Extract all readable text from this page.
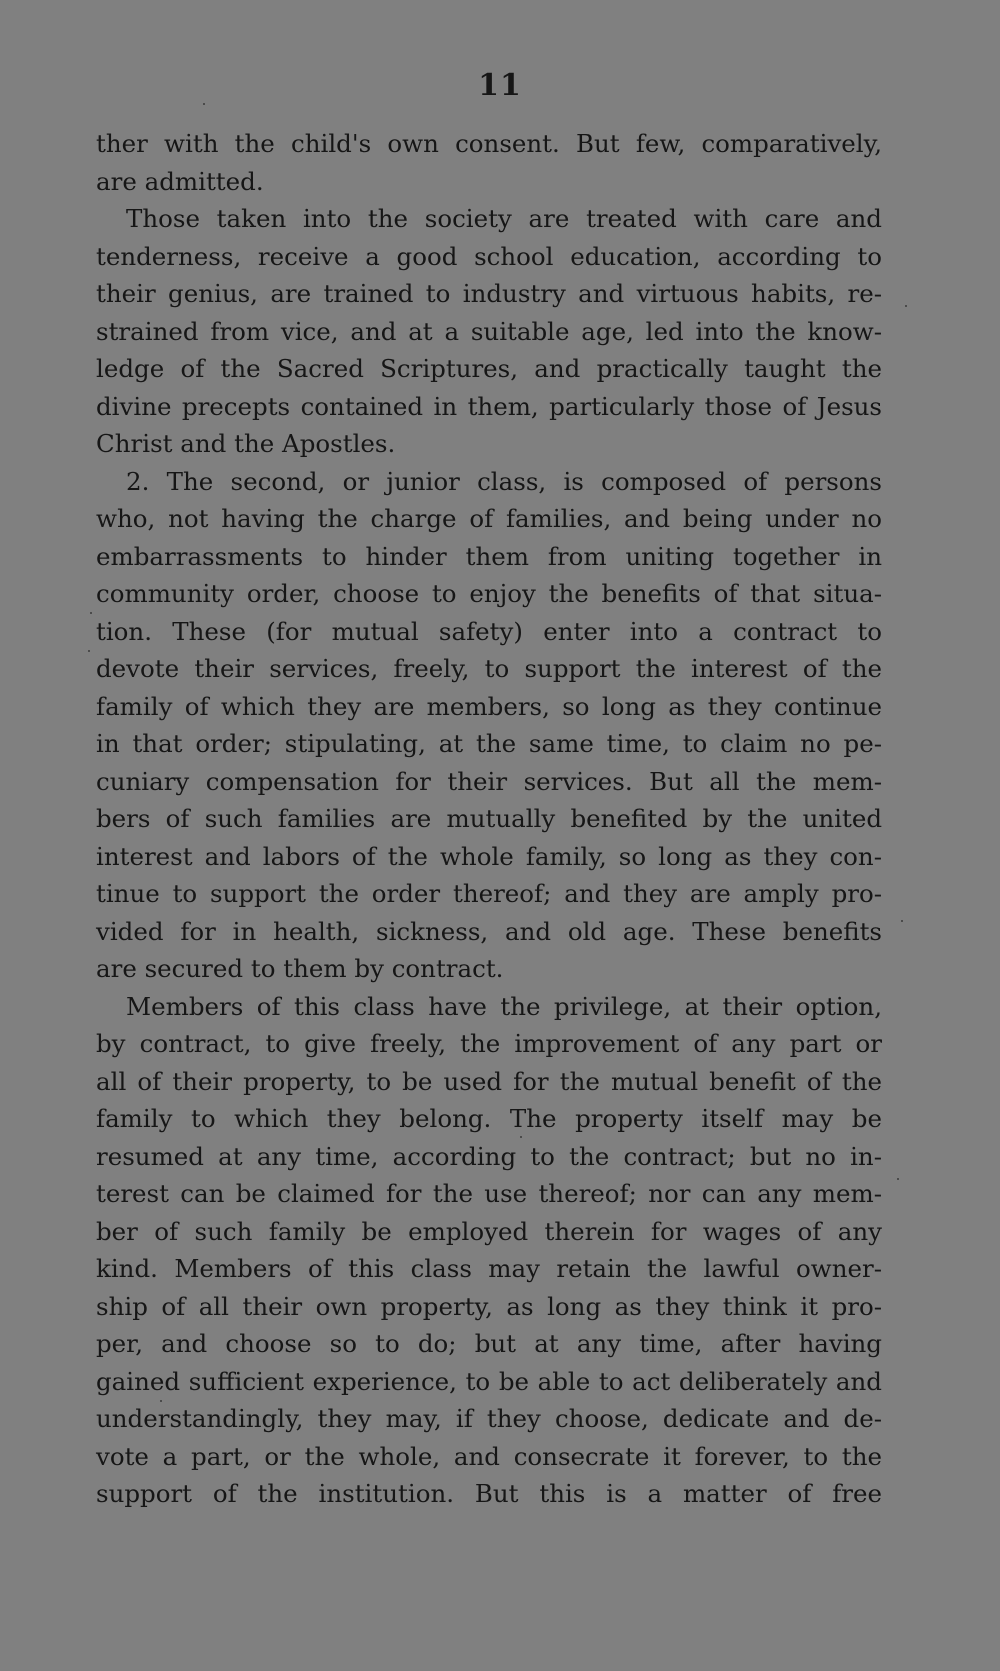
11
ther with the child's own consent. But few, comparatively,
are admitted.
Those taken into the society are treated with care and
tenderness, receive a good school education, according to
their genius, are trained to industry and virtuous habits, re-
strained from vice, and at a suitable age, led into the know-
ledge of the Sacred Scriptures, and practically taught the
divine precepts contained in them, particularly those of Jesus
Christ and the Apostles.
2. The second, or junior class, is composed of persons
who, not having the charge of families, and being under no
embarrassments to hinder them from uniting together in
community order, choose to enjoy the benefits of that situa-
tion. These (for mutual safety) enter into a contract to
devote their services, freely, to support the interest of the
family of which they are members, so long as they continue
in that order; stipulating, at the same time, to claim no pe-
cuniary compensation for their services. But all the mem-
bers of such families are mutually benefited by the united
interest and labors of the whole family, so long as they con-
tinue to support the order thereof; and they are amply pro-
vided for in health, sickness, and old age. These benefits
are secured to them by contract.
Members of this class have the privilege, at their option,
by contract, to give freely, the improvement of any part or
all of their property, to be used for the mutual benefit of the
family to which they belong. The property itself may be
resumed at any time, according to the contract; but no in-
terest can be claimed for the use thereof; nor can any mem-
ber of such family be employed therein for wages of any
kind. Members of this class may retain the lawful owner-
ship of all their own property, as long as they think it pro-
per, and choose so to do; but at any time, after having
gained sufficient experience, to be able to act deliberately and
understandingly, they may, if they choose, dedicate and de-
vote a part, or the whole, and consecrate it forever, to the
support of the institution. But this is a matter of free
